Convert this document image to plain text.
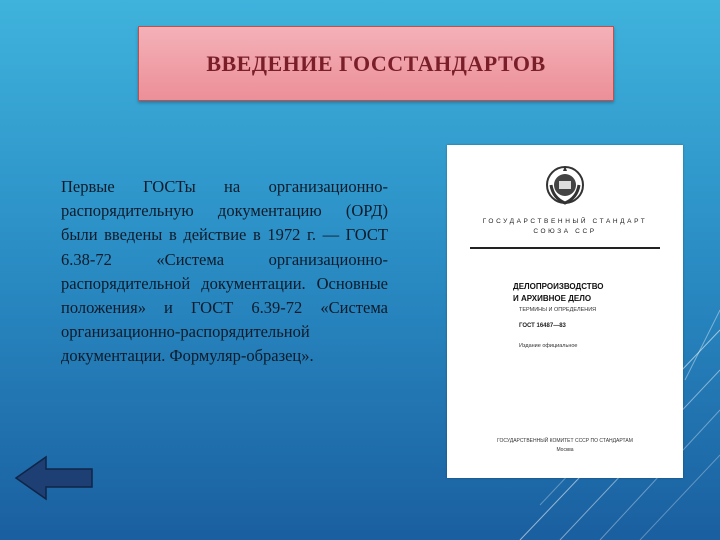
ВВЕДЕНИЕ ГОССТАНДАРТОВ
Первые ГОСТы на организационно-распорядительную документацию (ОРД) были введены в действие в 1972 г. — ГОСТ 6.38-72 «Система организационно-распорядительной документации. Основные положения» и ГОСТ 6.39-72 «Система организационно-распорядительной документации. Формуляр-образец».
ГОСУДАРСТВЕННЫЙ СТАНДАРТ
СОЮЗА ССР
ДЕЛОПРОИЗВОДСТВО
И АРХИВНОЕ ДЕЛО
ТЕРМИНЫ И ОПРЕДЕЛЕНИЯ
ГОСТ 16487—83
Издание официальное
ГОСУДАРСТВЕННЫЙ КОМИТЕТ СССР ПО СТАНДАРТАМ
Москва
